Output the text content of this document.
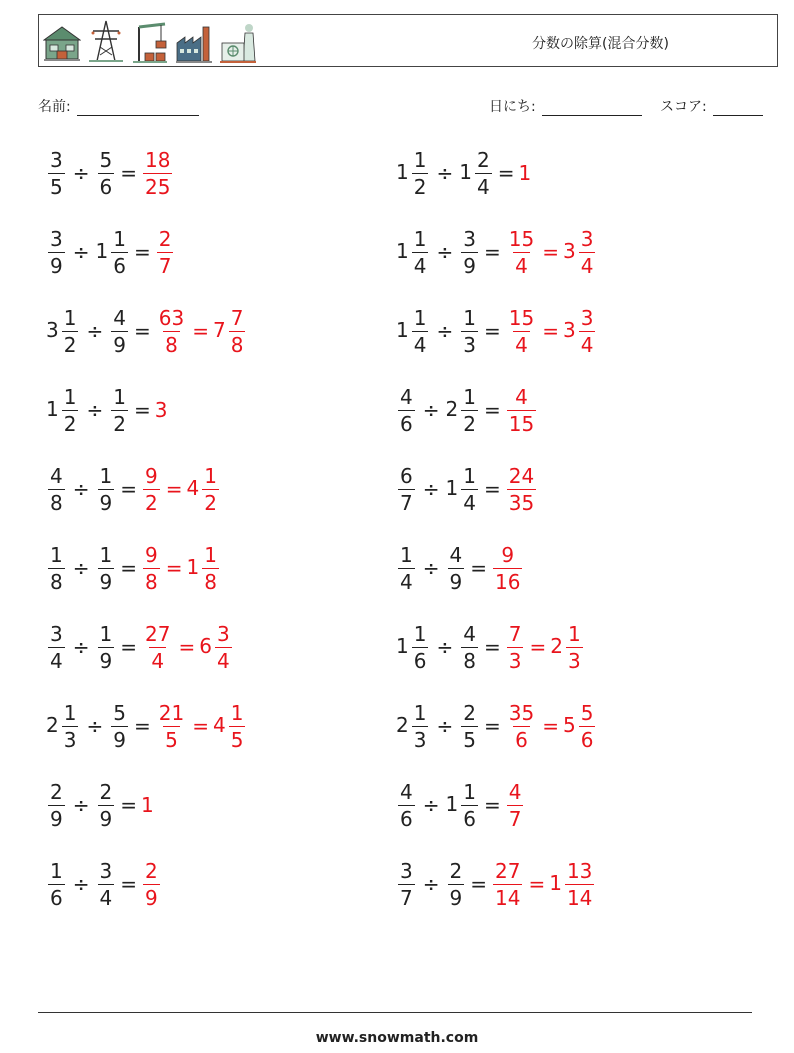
分数の除算(混合分数)
名前:	日にち:	スコア:
$\frac{3}{5} \div \frac{5}{6} = \frac{18}{25}$	$1 \frac{1}{2} \div 1 \frac{2}{4} = 1$
$\frac{3}{9} \div 1 \frac{1}{6} = \frac{2}{7}$	$1 \frac{1}{4} \div \frac{3}{9} = \frac{15}{4} = 3 \frac{3}{4}$
$3 \frac{1}{2} \div \frac{4}{9} = \frac{63}{8} = 7 \frac{7}{8}$	$1 \frac{1}{4} \div \frac{1}{3} = \frac{15}{4} = 3 \frac{3}{4}$
$1 \frac{1}{2} \div \frac{1}{2} = 3$	$\frac{4}{6} \div 2 \frac{1}{2} = \frac{4}{15}$
$\frac{4}{8} \div \frac{1}{9} = \frac{9}{2} = 4 \frac{1}{2}$	$\frac{6}{7} \div 1 \frac{1}{4} = \frac{24}{35}$
$\frac{1}{8} \div \frac{1}{9} = \frac{9}{8} = 1 \frac{1}{8}$	$\frac{1}{4} \div \frac{4}{9} = \frac{9}{16}$
$\frac{3}{4} \div \frac{1}{9} = \frac{27}{4} = 6 \frac{3}{4}$	$1 \frac{1}{6} \div \frac{4}{8} = \frac{7}{3} = 2 \frac{1}{3}$
$2 \frac{1}{3} \div \frac{5}{9} = \frac{21}{5} = 4 \frac{1}{5}$	$2 \frac{1}{3} \div \frac{2}{5} = \frac{35}{6} = 5 \frac{5}{6}$
$\frac{2}{9} \div \frac{2}{9} = 1$	$\frac{4}{6} \div 1 \frac{1}{6} = \frac{4}{7}$
$\frac{1}{6} \div \frac{3}{4} = \frac{2}{9}$	$\frac{3}{7} \div \frac{2}{9} = \frac{27}{14} = 1 \frac{13}{14}$
www.snowmath.com
